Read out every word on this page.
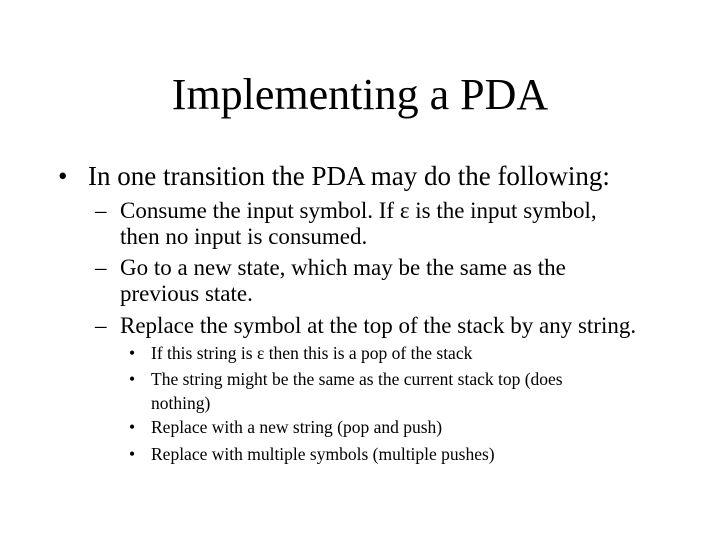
Implementing a PDA
• In one transition the PDA may do the following:
– Consume the input symbol. If ε is the input symbol,
then no input is consumed.
– Go to a new state, which may be the same as the
previous state.
– Replace the symbol at the top of the stack by any string.
• If this string is ε then this is a pop of the stack
• The string might be the same as the current stack top (does
nothing)
• Replace with a new string (pop and push)
• Replace with multiple symbols (multiple pushes)
